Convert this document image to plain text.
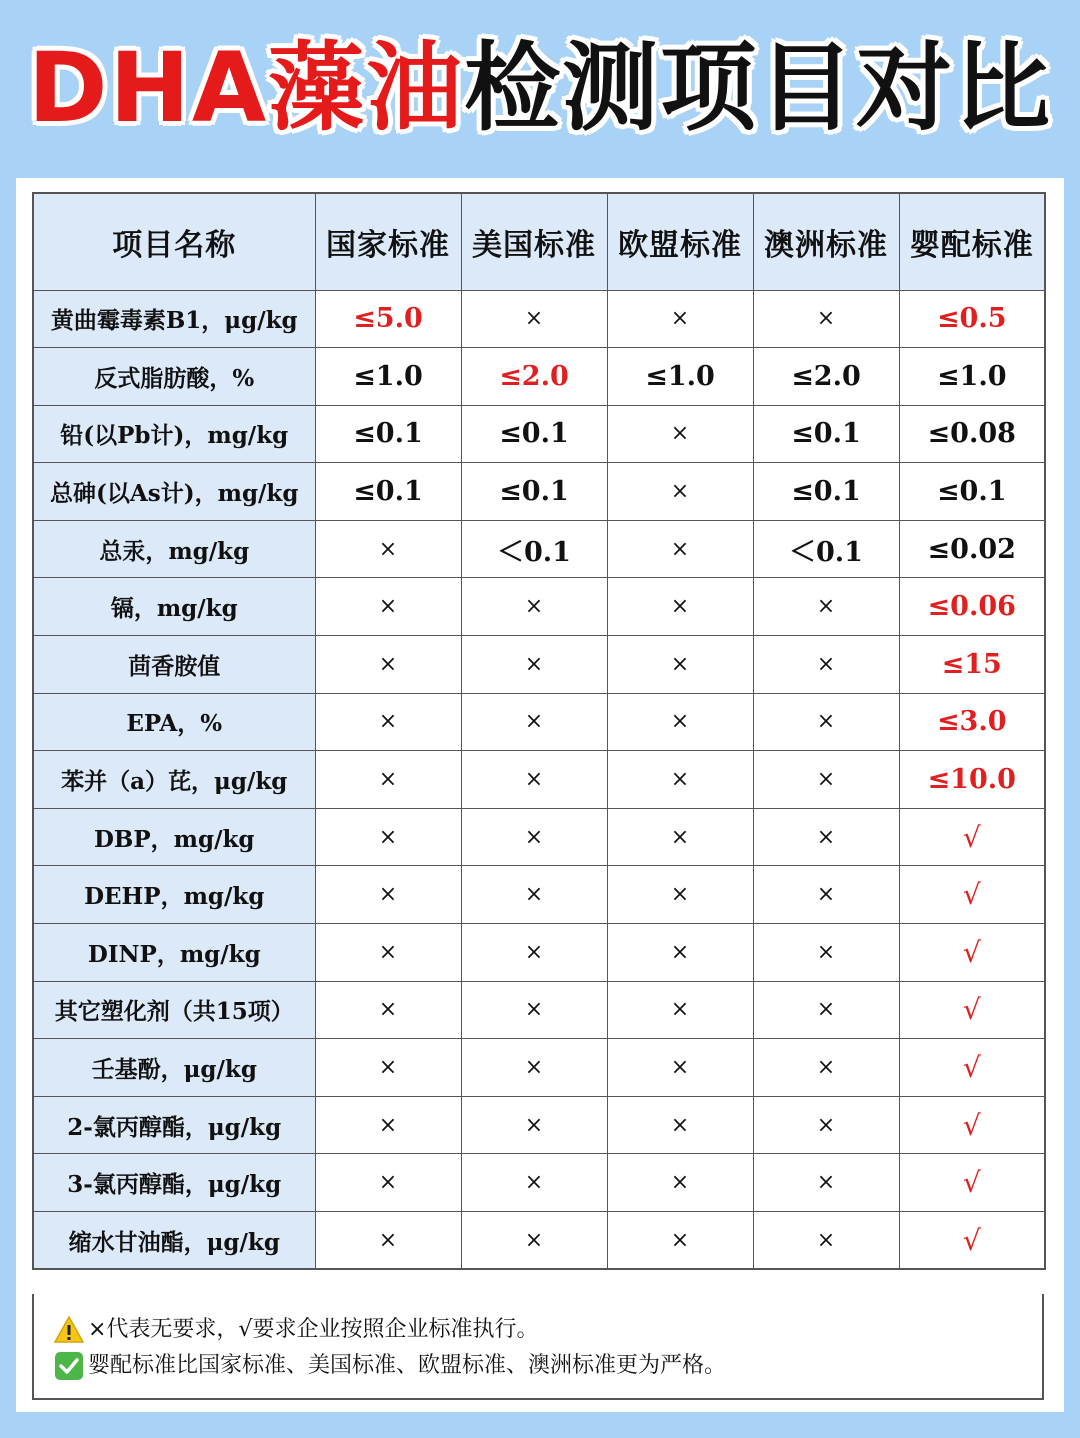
DHA藻油检测项目对比
项目名称	国家标准	美国标准	欧盟标准	澳洲标准	婴配标准
黄曲霉毒素B1，μg/kg	≤5.0	×	×	×	≤0.5
反式脂肪酸，%	≤1.0	≤2.0	≤1.0	≤2.0	≤1.0
铅(以Pb计)，mg/kg	≤0.1	≤0.1	×	≤0.1	≤0.08
总砷(以As计)，mg/kg	≤0.1	≤0.1	×	≤0.1	≤0.1
总汞，mg/kg	×	＜0.1	×	＜0.1	≤0.02
镉，mg/kg	×	×	×	×	≤0.06
茴香胺值	×	×	×	×	≤15
EPA，%	×	×	×	×	≤3.0
苯并（a）芘，μg/kg	×	×	×	×	≤10.0
DBP，mg/kg	×	×	×	×	√
DEHP，mg/kg	×	×	×	×	√
DINP，mg/kg	×	×	×	×	√
其它塑化剂（共15项）	×	×	×	×	√
壬基酚，μg/kg	×	×	×	×	√
2-氯丙醇酯，μg/kg	×	×	×	×	√
3-氯丙醇酯，μg/kg	×	×	×	×	√
缩水甘油酯，μg/kg	×	×	×	×	√
×代表无要求，√要求企业按照企业标准执行。
婴配标准比国家标准、美国标准、欧盟标准、澳洲标准更为严格。
